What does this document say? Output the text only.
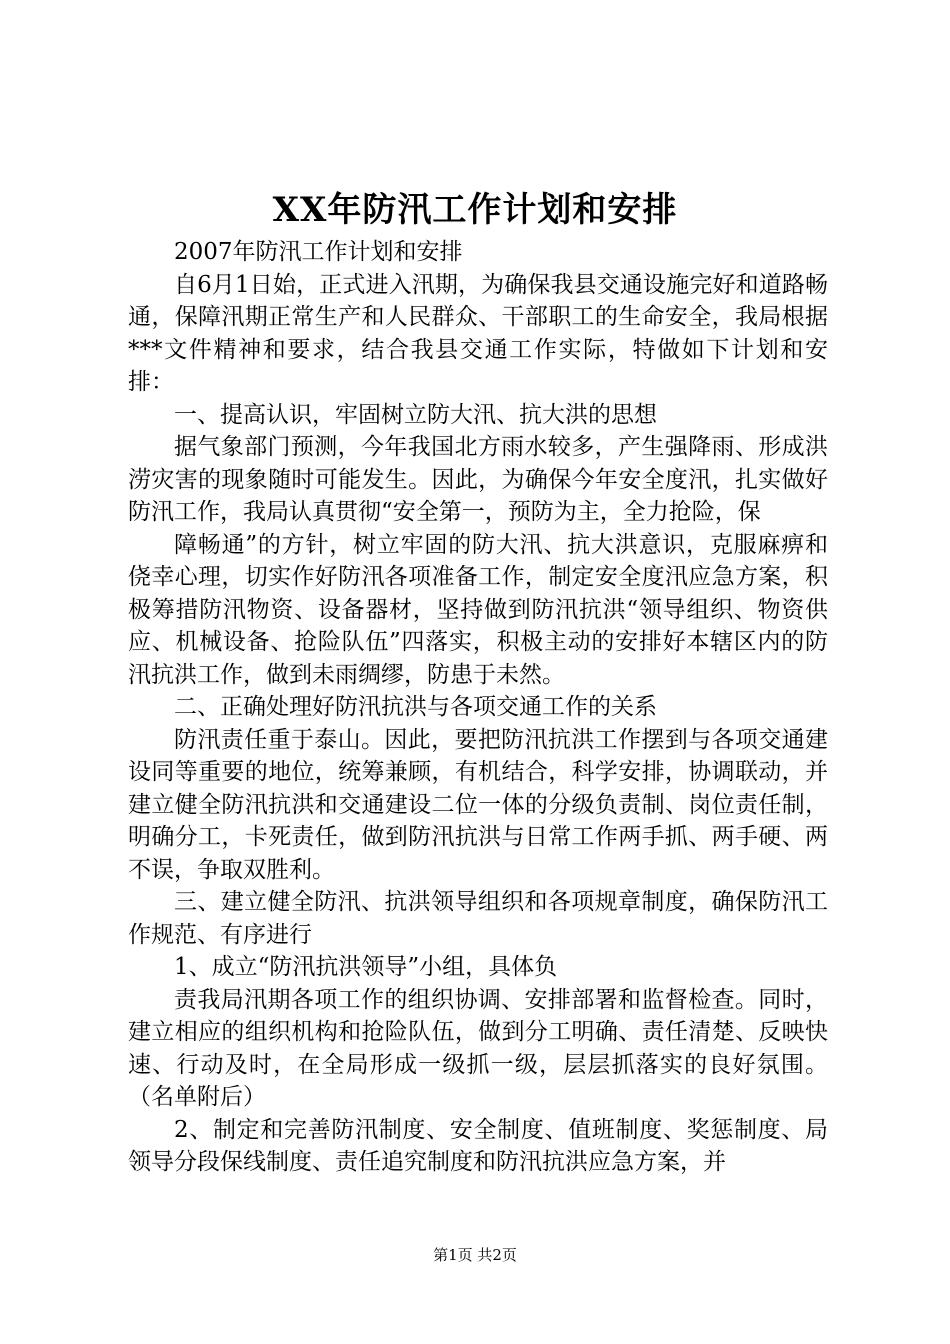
XX年防汛工作计划和安排

2007年防汛工作计划和安排

自6月1日始，正式进入汛期，为确保我县交通设施完好和道路畅通，保障汛期正常生产和人民群众、干部职工的生命安全，我局根据***文件精神和要求，结合我县交通工作实际，特做如下计划和安排：

一、提高认识，牢固树立防大汛、抗大洪的思想

据气象部门预测，今年我国北方雨水较多，产生强降雨、形成洪涝灾害的现象随时可能发生。因此，为确保今年安全度汛，扎实做好防汛工作，我局认真贯彻“安全第一，预防为主，全力抢险，保

障畅通”的方针，树立牢固的防大汛、抗大洪意识，克服麻痹和侥幸心理，切实作好防汛各项准备工作，制定安全度汛应急方案，积极筹措防汛物资、设备器材，坚持做到防汛抗洪“领导组织、物资供应、机械设备、抢险队伍”四落实，积极主动的安排好本辖区内的防汛抗洪工作，做到未雨绸缪，防患于未然。

二、正确处理好防汛抗洪与各项交通工作的关系

防汛责任重于泰山。因此，要把防汛抗洪工作摆到与各项交通建设同等重要的地位，统筹兼顾，有机结合，科学安排，协调联动，并建立健全防汛抗洪和交通建设二位一体的分级负责制、岗位责任制，明确分工，卡死责任，做到防汛抗洪与日常工作两手抓、两手硬、两不误，争取双胜利。

三、建立健全防汛、抗洪领导组织和各项规章制度，确保防汛工作规范、有序进行

1、成立“防汛抗洪领导”小组，具体负

责我局汛期各项工作的组织协调、安排部署和监督检查。同时，建立相应的组织机构和抢险队伍，做到分工明确、责任清楚、反映快速、行动及时，在全局形成一级抓一级，层层抓落实的良好氛围。（名单附后）

2、制定和完善防汛制度、安全制度、值班制度、奖惩制度、局领导分段保线制度、责任追究制度和防汛抗洪应急方案，并

第1页 共2页
